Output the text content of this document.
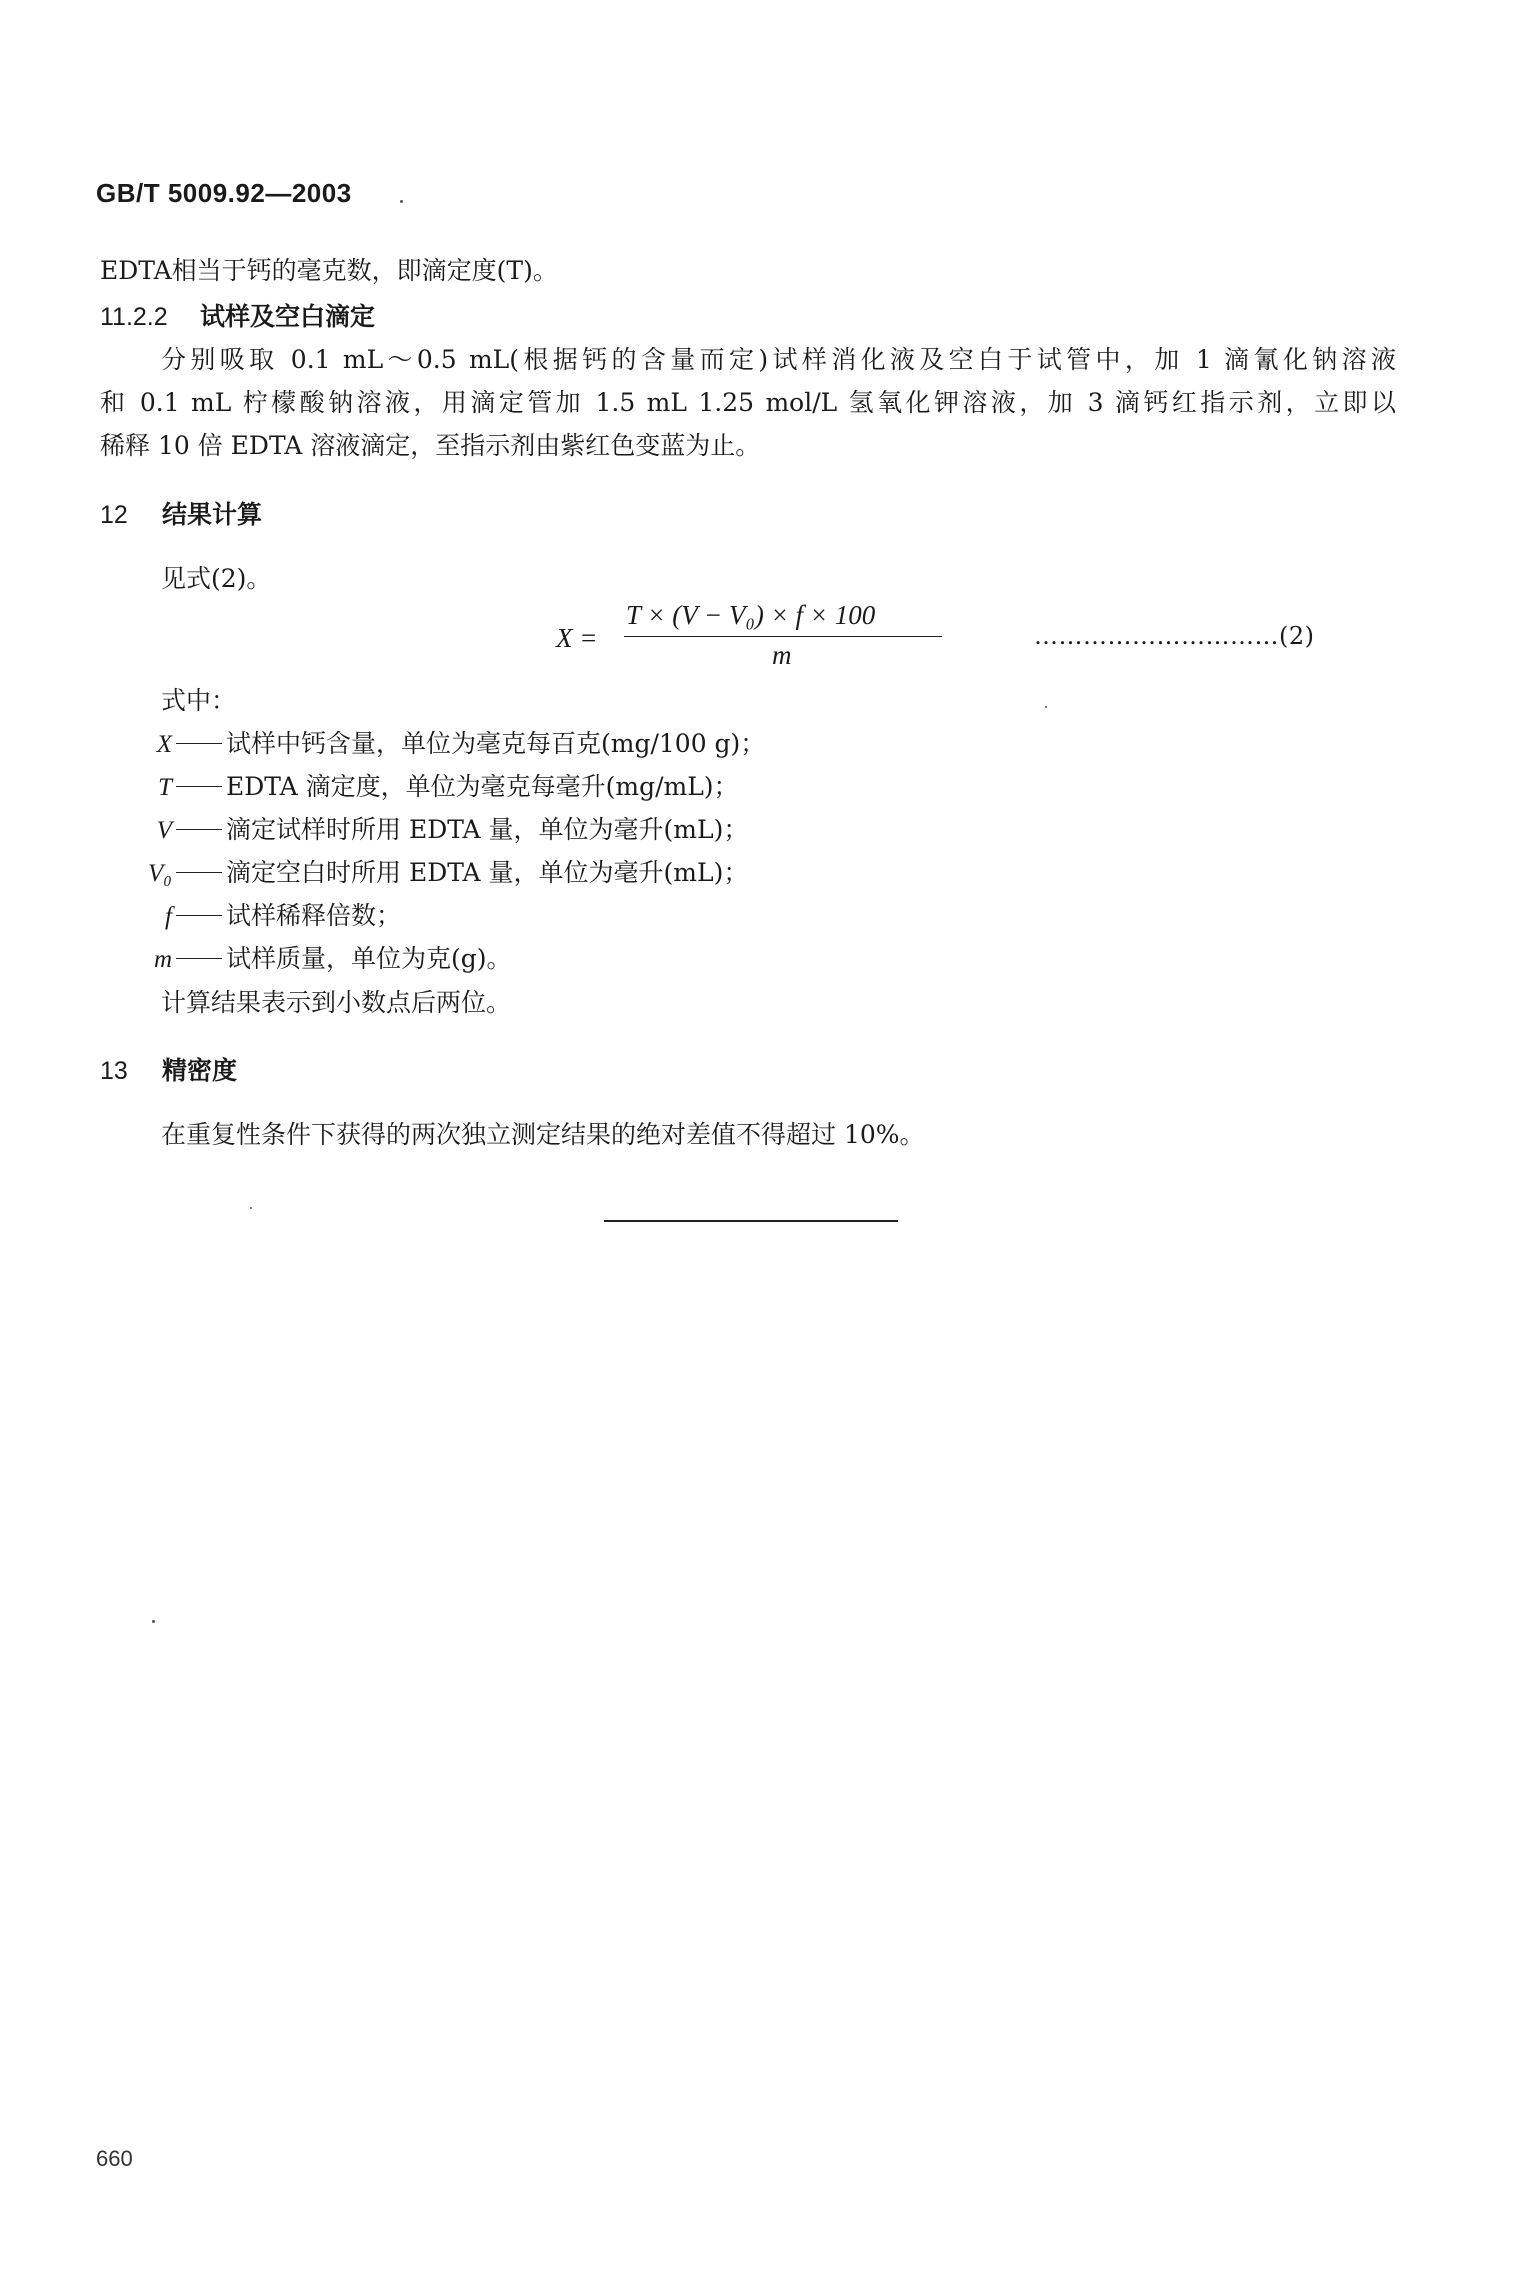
GB/T 5009.92—2003
EDTA相当于钙的毫克数，即滴定度(T)。
11.2.2 试样及空白滴定
分别吸取 0.1 mL～0.5 mL(根据钙的含量而定)试样消化液及空白于试管中，加 1 滴氰化钠溶液
和 0.1 mL 柠檬酸钠溶液，用滴定管加 1.5 mL 1.25 mol/L 氢氧化钾溶液，加 3 滴钙红指示剂，立即以
稀释 10 倍 EDTA 溶液滴定，至指示剂由紫红色变蓝为止。
12 结果计算
见式(2)。
X =
T × (V − V₀) × f × 100
m
…………………………(2)
式中：
X 试样中钙含量，单位为毫克每百克(mg/100 g)；
T EDTA 滴定度，单位为毫克每毫升(mg/mL)；
V 滴定试样时所用 EDTA 量，单位为毫升(mL)；
V₀ 滴定空白时所用 EDTA 量，单位为毫升(mL)；
f 试样稀释倍数；
m 试样质量，单位为克(g)。
计算结果表示到小数点后两位。
13 精密度
在重复性条件下获得的两次独立测定结果的绝对差值不得超过 10%。
660
